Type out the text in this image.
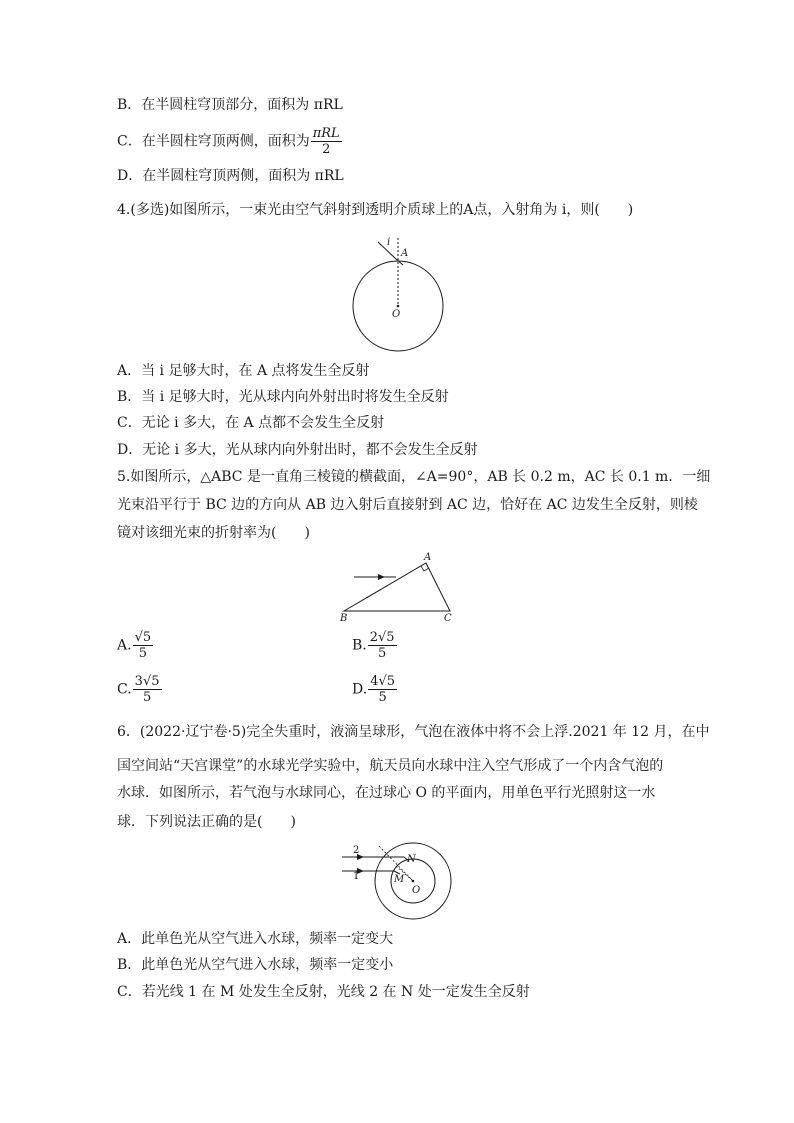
B．在半圆柱穹顶部分，面积为 πRL
C．在半圆柱穹顶两侧，面积为 $\frac{\text{πRL}}{2}$
D．在半圆柱穹顶两侧，面积为 πRL
4.(多选)如图所示，一束光由空气斜射到透明介质球上的A点，入射角为 i，则(　　)
i
A
O
A．当 i 足够大时，在 A 点将发生全反射
B．当 i 足够大时，光从球内向外射出时将发生全反射
C．无论 i 多大，在 A 点都不会发生全反射
D．无论 i 多大，光从球内向外射出时，都不会发生全反射
5.如图所示，△ABC 是一直角三棱镜的横截面，∠A=90°，AB 长 0.2 m，AC 长 0.1 m．一细
光束沿平行于 BC 边的方向从 AB 边入射后直接射到 AC 边，恰好在 AC 边发生全反射，则棱
镜对该细光束的折射率为(　　)
A
B	C
A. $\frac{√5}{5}$	B. $\frac{2√5}{5}$
C. $\frac{3√5}{5}$	D. $\frac{4√5}{5}$
6．(2022·辽宁卷·5)完全失重时，液滴呈球形，气泡在液体中将不会上浮.2021 年 12 月，在中
国空间站“天宫课堂”的水球光学实验中，航天员向水球中注入空气形成了一个内含气泡的
水球．如图所示，若气泡与水球同心，在过球心 O 的平面内，用单色平行光照射这一水
球．下列说法正确的是(　　)
2
1
N
M
O
A．此单色光从空气进入水球，频率一定变大
B．此单色光从空气进入水球，频率一定变小
C．若光线 1 在 M 处发生全反射，光线 2 在 N 处一定发生全反射
